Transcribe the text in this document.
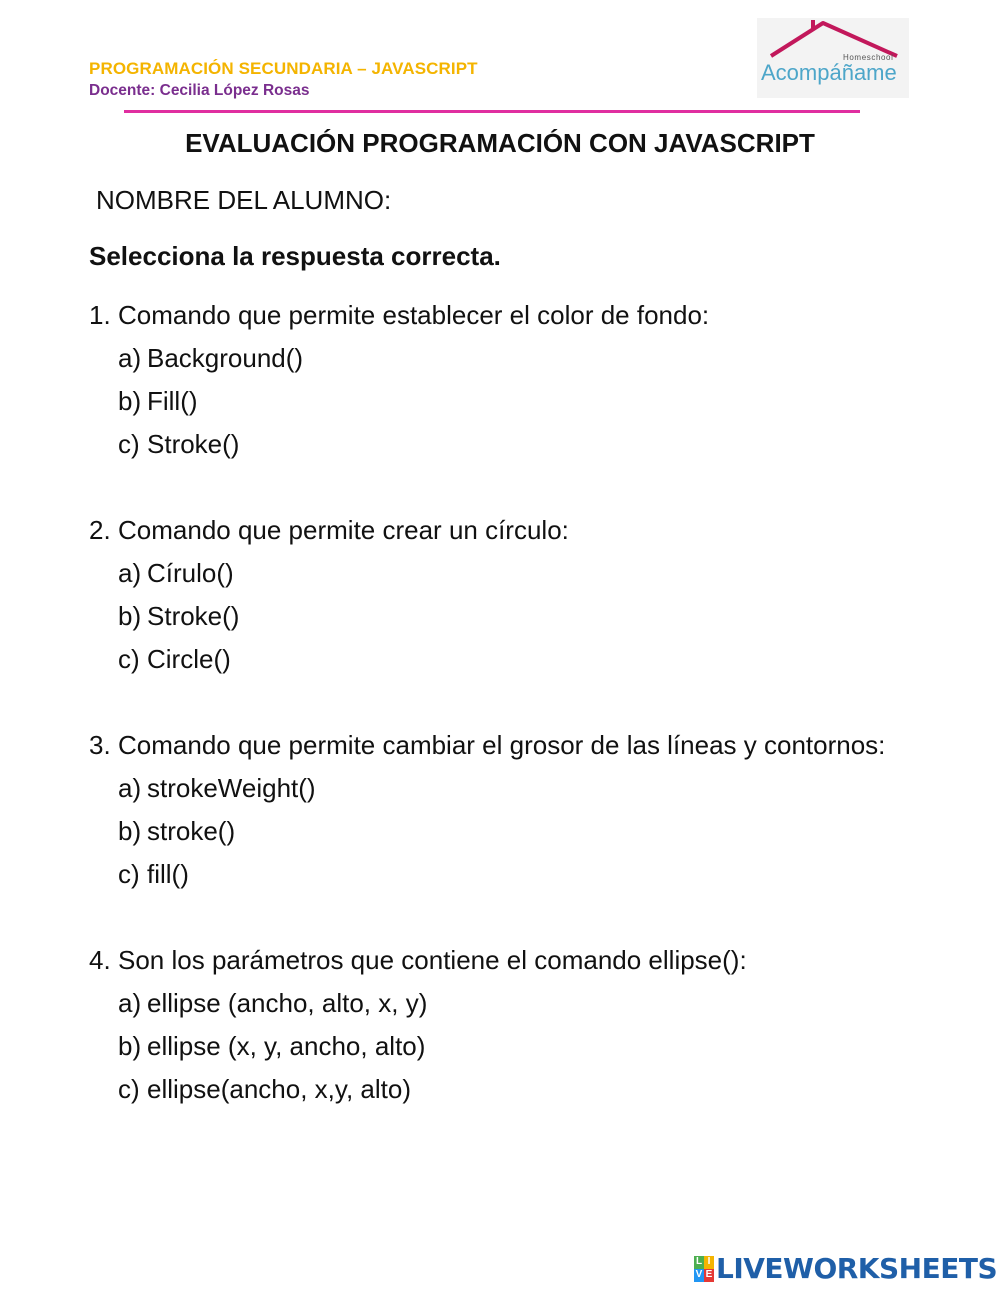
PROGRAMACIÓN SECUNDARIA – JAVASCRIPT
Docente: Cecilia López Rosas
Homeschool
Acompáñame
EVALUACIÓN PROGRAMACIÓN CON JAVASCRIPT
NOMBRE DEL ALUMNO:
Selecciona la respuesta correcta.
1. Comando que permite establecer el color de fondo:
a) Background()
b) Fill()
c) Stroke()
2. Comando que permite crear un círculo:
a) Círulo()
b) Stroke()
c) Circle()
3. Comando que permite cambiar el grosor de las líneas y contornos:
a) strokeWeight()
b) stroke()
c) fill()
4. Son los parámetros que contiene el comando ellipse():
a) ellipse (ancho, alto, x, y)
b) ellipse (x, y, ancho, alto)
c) ellipse(ancho, x,y, alto)
L I
V E LIVEWORKSHEETS
